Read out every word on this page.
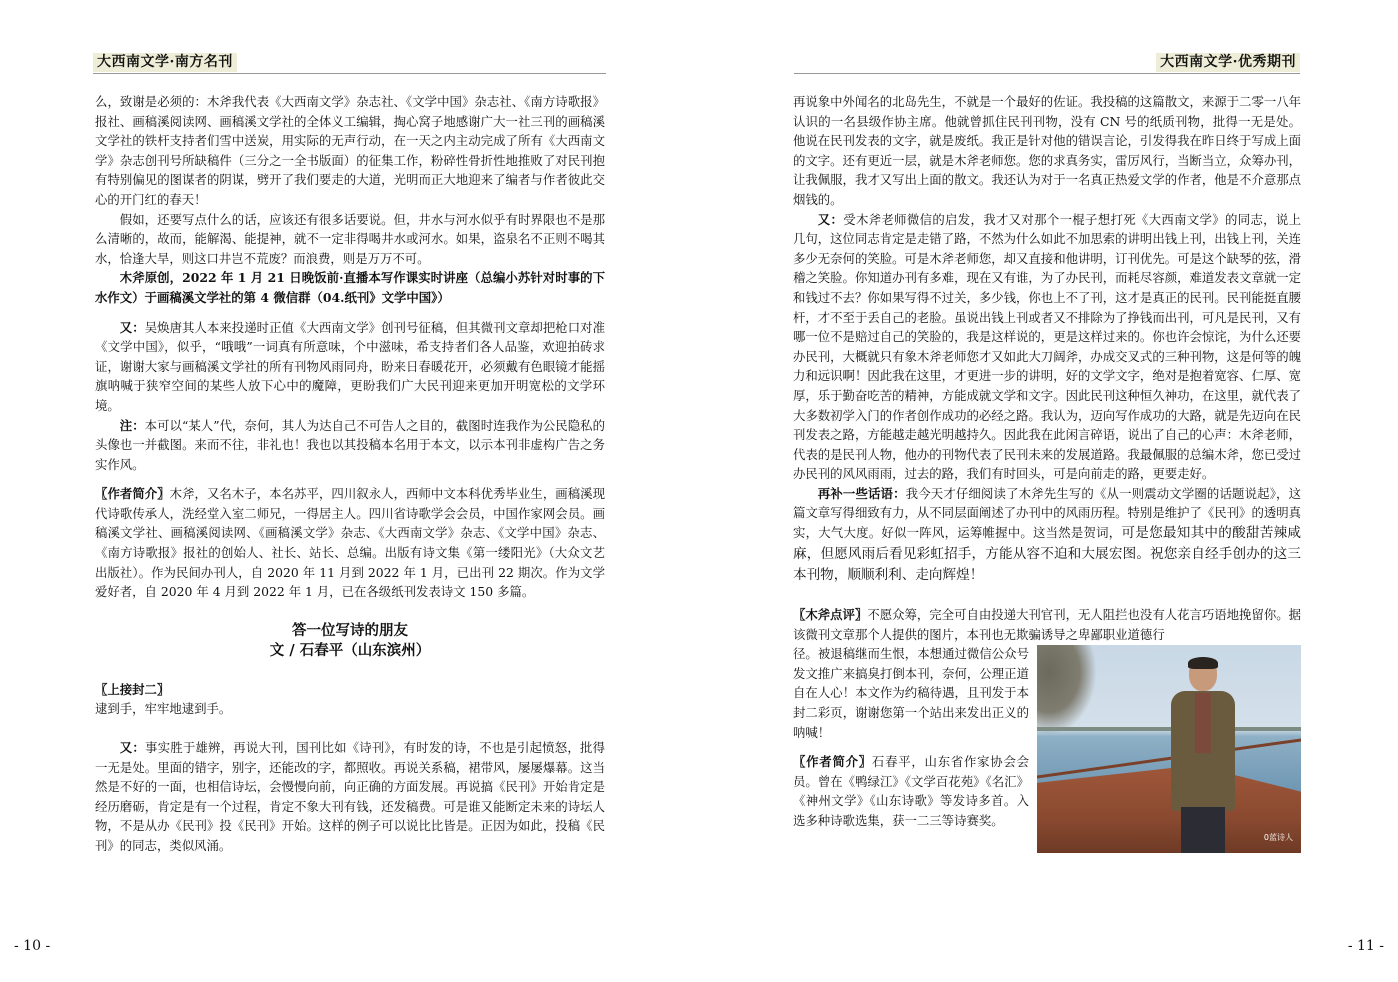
大西南文学·南方名刊

么，致谢是必须的：木斧我代表《大西南文学》杂志社、《文学中国》杂志社、《南方诗歌报》报社、画稿溪阅读网、画稿溪文学社的全体义工编辑，掏心窝子地感谢广大一社三刊的画稿溪文学社的铁杆支持者们雪中送炭，用实际的无声行动，在一天之内主动完成了所有《大西南文学》杂志创刊号所缺稿件（三分之一全书版面）的征集工作，粉碎性骨折性地推败了对民刊抱有特别偏见的图谋者的阴谋，劈开了我们要走的大道，光明而正大地迎来了编者与作者彼此交心的开门红的春天！

假如，还要写点什么的话，应该还有很多话要说。但，井水与河水似乎有时界限也不是那么清晰的，故而，能解渴、能提神，就不一定非得喝井水或河水。如果，盗泉名不正则不喝其水，恰逢大旱，则这口井岂不荒废？而浪费，则是万万不可。

木斧原创，2022 年 1 月 21 日晚饭前·直播本写作课实时讲座（总编小苏针对时事的下水作文）于画稿溪文学社的第 4 微信群（04.纸刊》文学中国》）

又：吴焕唐其人本来投递时正值《大西南文学》创刊号征稿，但其微刊文章却把枪口对准《文学中国》，似乎，“哦哦”一词真有所意味，个中滋味，希支持者们各人品鉴，欢迎拍砖求证，谢谢大家与画稿溪文学社的所有刊物风雨同舟，盼来日春暖花开，必须戴有色眼镜才能摇旗呐喊于狭窄空间的某些人放下心中的魔障，更盼我们广大民刊迎来更加开明宽松的文学环境。

注：本可以“某人”代，奈何，其人为达自己不可告人之目的，截图时连我作为公民隐私的头像也一并截图。来而不往，非礼也！我也以其投稿本名用于本文，以示本刊非虚构广告之务实作风。

〖作者简介〗木斧，又名木子，本名苏平，四川叙永人，西师中文本科优秀毕业生，画稿溪现代诗歌传承人，洗经堂入室二师兄，一得居主人。四川省诗歌学会会员，中国作家网会员。画稿溪文学社、画稿溪阅读网、《画稿溪文学》杂志、《大西南文学》杂志、《文学中国》杂志、《南方诗歌报》报社的创始人、社长、站长、总编。出版有诗文集《第一缕阳光》（大众文艺出版社）。作为民间办刊人，自 2020 年 11 月到 2022 年 1 月，已出刊 22 期次。作为文学爱好者，自 2020 年 4 月到 2022 年 1 月，已在各级纸刊发表诗文 150 多篇。

答一位写诗的朋友

文 / 石春平（山东滨州）

〖上接封二〗

逮到手，牢牢地逮到手。

又：事实胜于雄辨，再说大刊，国刊比如《诗刊》，有时发的诗，不也是引起愤怒，批得一无是处。里面的错字，别字，还能改的字，都照收。再说关系稿，裙带风，屡屡爆幕。这当然是不好的一面，也相信诗坛，会慢慢向前，向正确的方面发展。再说搞《民刊》开始肯定是经历磨砺，肯定是有一个过程，肯定不象大刊有钱，还发稿费。可是谁又能断定未来的诗坛人物，不是从办《民刊》投《民刊》开始。这样的例子可以说比比皆是。正因为如此，投稿《民刊》的同志，类似风涌。

- 10 -
大西南文学·优秀期刊

再说象中外闻名的北岛先生，不就是一个最好的佐证。我投稿的这篇散文，来源于二零一八年认识的一名县级作协主席。他就曾抓住民刊刊物，没有 CN 号的纸质刊物，批得一无是处。他说在民刊发表的文字，就是废纸。我正是针对他的错误言论，引发得我在昨日终于写成上面的文字。还有更近一层，就是木斧老师您。您的求真务实，雷厉风行，当断当立，众筹办刊，让我佩服，我才又写出上面的散文。我还认为对于一名真正热爱文学的作者，他是不介意那点烟钱的。

又：受木斧老师微信的启发，我才又对那个一棍子想打死《大西南文学》的同志，说上几句，这位同志肯定是走错了路，不然为什么如此不加思索的讲明出钱上刊，出钱上刊，关连多少无奈何的笑脸。可是木斧老师您，却又直接和他讲明，订刊优先。可是这个缺琴的弦，滑稽之笑脸。你知道办刊有多难，现在又有谁，为了办民刊，而耗尽容颜，难道发表文章就一定和钱过不去？你如果写得不过关，多少钱，你也上不了刊，这才是真正的民刊。民刊能挺直腰杆，才不至于丢自己的老脸。虽说出钱上刊或者又不排除为了挣钱而出刊，可凡是民刊，又有哪一位不是赔过自己的笑脸的，我是这样说的，更是这样过来的。你也许会惊诧，为什么还要办民刊，大概就只有象木斧老师您才又如此大刀阔斧，办成交叉式的三种刊物，这是何等的魄力和远识啊！因此我在这里，才更进一步的讲明，好的文学文字，绝对是抱着宽容、仁厚、宽厚，乐于勤奋吃苦的精神，方能成就文学和文字。因此民刊这种恒久神功，在这里，就代表了大多数初学入门的作者创作成功的必经之路。我认为，迈向写作成功的大路，就是先迈向在民刊发表之路，方能越走越光明越持久。因此我在此闲言碎语，说出了自己的心声：木斧老师，代表的是民刊人物，他办的刊物代表了民刊未来的发展道路。我最佩服的总编木斧，您已受过办民刊的风风雨雨，过去的路，我们有时回头，可是向前走的路，更要走好。

再补一些话语：我今天才仔细阅读了木斧先生写的《从一则震动文学圈的话题说起》，这篇文章写得细致有力，从不同层面阐述了办刊中的风雨历程。特别是维护了《民刊》的透明真实，大气大度。好似一阵风，运筹帷握中。这当然是贺词，可是您最知其中的酸甜苦辣咸麻，但愿风雨后看见彩虹招手，方能从容不迫和大展宏图。祝您亲自经手创办的这三本刊物，顺顺利利、走向辉煌！

〖木斧点评〗不愿众筹，完全可自由投递大刊官刊，无人阻拦也没有人花言巧语地挽留你。据该微刊文章那个人提供的图片，本刊也无欺骗诱导之卑鄙职业道德行

径。被退稿继而生恨，本想通过微信公众号发文推广来搞臭打倒本刊，奈何，公理正道自在人心！本文作为约稿待遇，且刊发于本封二彩页，谢谢您第一个站出来发出正义的呐喊！

〖作者简介〗石春平，山东省作家协会会员。曾在《鸭绿江》《文学百花苑》《名汇》《神州文学》《山东诗歌》等发诗多首。入选多种诗歌选集，获一二三等诗赛奖。

0蓝诗人
- 11 -
